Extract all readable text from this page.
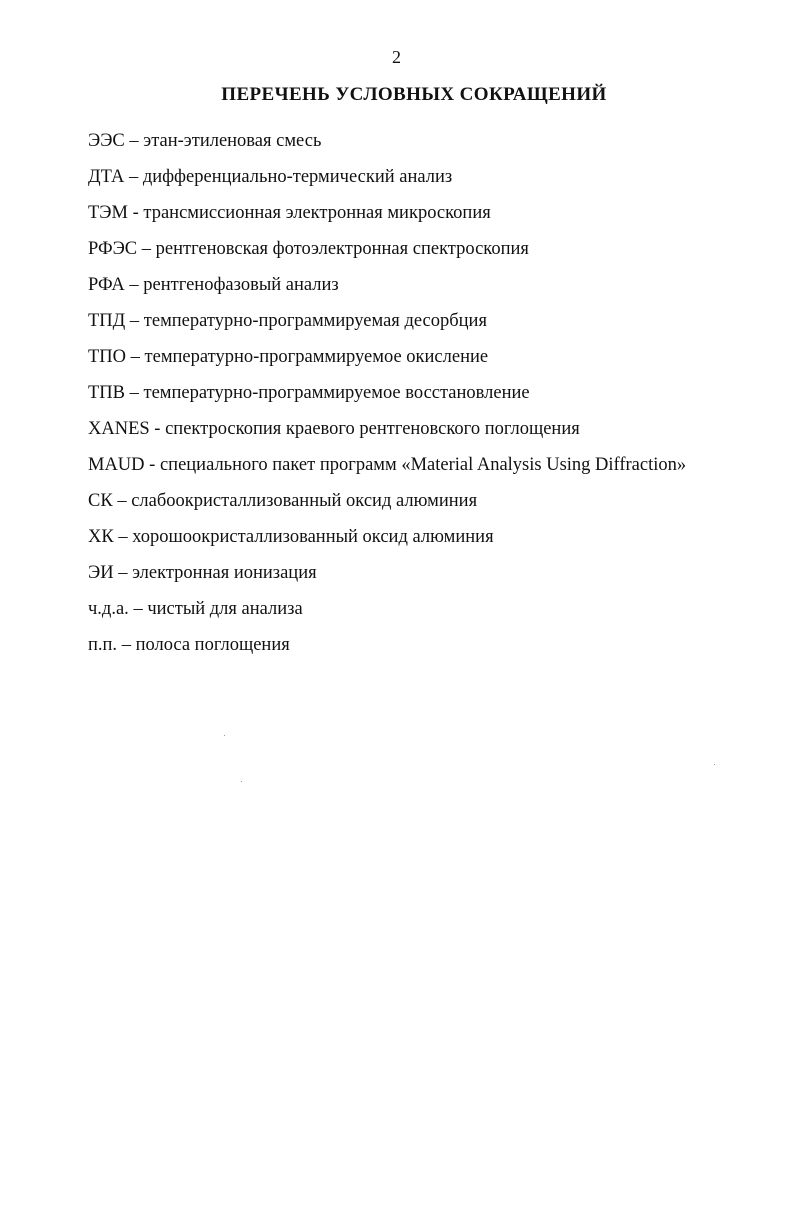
2
ПЕРЕЧЕНЬ УСЛОВНЫХ СОКРАЩЕНИЙ
ЭЭС – этан-этиленовая смесь
ДТА – дифференциально-термический анализ
ТЭМ - трансмиссионная электронная микроскопия
РФЭС – рентгеновская фотоэлектронная спектроскопия
РФА – рентгенофазовый анализ
ТПД – температурно-программируемая десорбция
ТПО – температурно-программируемое окисление
ТПВ – температурно-программируемое восстановление
XANES - спектроскопия краевого рентгеновского поглощения
MAUD - специального пакет программ «Material Analysis Using Diffraction»
СК – слабоокристаллизованный оксид алюминия
ХК – хорошоокристаллизованный оксид алюминия
ЭИ – электронная ионизация
ч.д.а. – чистый для анализа
п.п. – полоса поглощения
